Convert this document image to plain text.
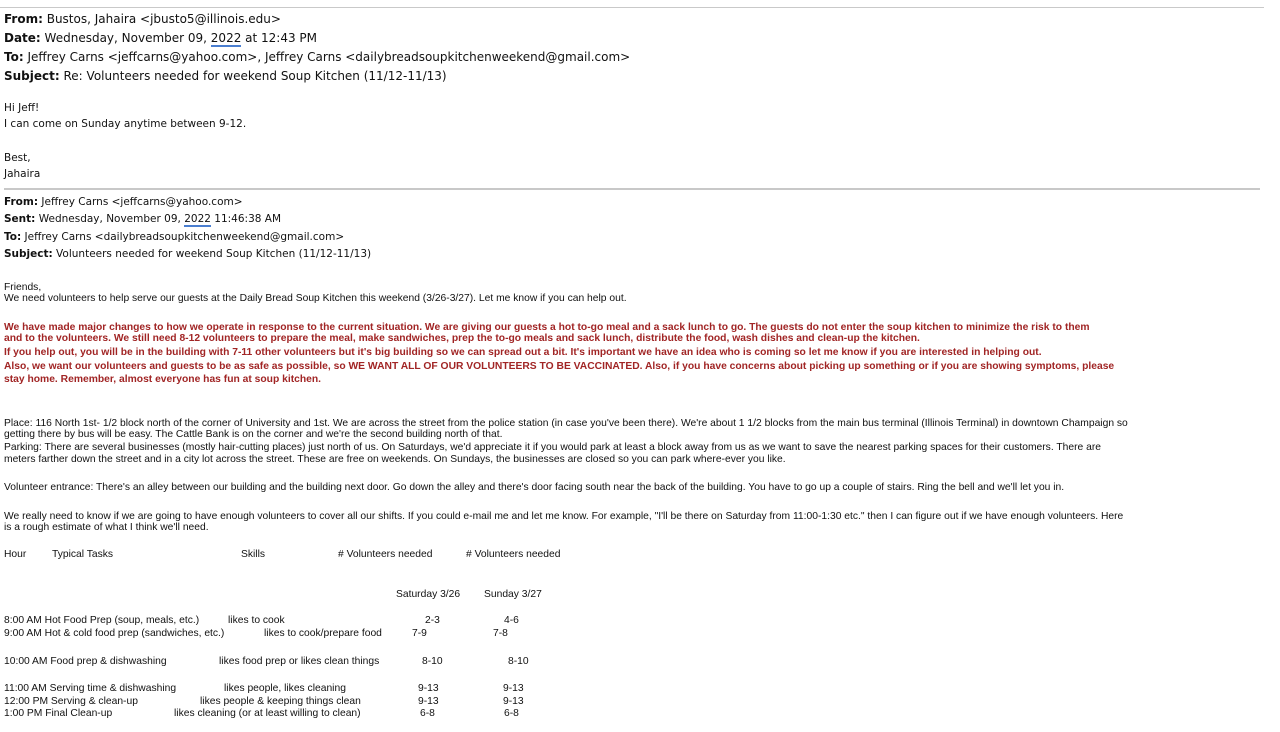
From: Bustos, Jahaira <jbusto5@illinois.edu>
Date: Wednesday, November 09, 2022 at 12:43 PM
To: Jeffrey Carns <jeffcarns@yahoo.com>, Jeffrey Carns <dailybreadsoupkitchenweekend@gmail.com>
Subject: Re: Volunteers needed for weekend Soup Kitchen (11/12-11/13)
Hi Jeff!
I can come on Sunday anytime between 9-12.
Best,
Jahaira
From: Jeffrey Carns <jeffcarns@yahoo.com>
Sent: Wednesday, November 09, 2022 11:46:38 AM
To: Jeffrey Carns <dailybreadsoupkitchenweekend@gmail.com>
Subject: Volunteers needed for weekend Soup Kitchen (11/12-11/13)
Friends,
We need volunteers to help serve our guests at the Daily Bread Soup Kitchen this weekend (3/26-3/27). Let me know if you can help out.
We have made major changes to how we operate in response to the current situation. We are giving our guests a hot to-go meal and a sack lunch to go. The guests do not enter the soup kitchen to minimize the risk to them
and to the volunteers. We still need 8-12 volunteers to prepare the meal, make sandwiches, prep the to-go meals and sack lunch, distribute the food, wash dishes and clean-up the kitchen.
If you help out, you will be in the building with 7-11 other volunteers but it's big building so we can spread out a bit. It's important we have an idea who is coming so let me know if you are interested in helping out.
Also, we want our volunteers and guests to be as safe as possible, so WE WANT ALL OF OUR VOLUNTEERS TO BE VACCINATED. Also, if you have concerns about picking up something or if you are showing symptoms, please
stay home. Remember, almost everyone has fun at soup kitchen.
Place: 116 North 1st- 1/2 block north of the corner of University and 1st. We are across the street from the police station (in case you've been there). We're about 1 1/2 blocks from the main bus terminal (Illinois Terminal) in downtown Champaign so
getting there by bus will be easy. The Cattle Bank is on the corner and we're the second building north of that.
Parking: There are several businesses (mostly hair-cutting places) just north of us. On Saturdays, we'd appreciate it if you would park at least a block away from us as we want to save the nearest parking spaces for their customers. There are
meters farther down the street and in a city lot across the street. These are free on weekends. On Sundays, the businesses are closed so you can park where-ever you like.
Volunteer entrance: There's an alley between our building and the building next door. Go down the alley and there's door facing south near the back of the building. You have to go up a couple of stairs. Ring the bell and we'll let you in.
We really need to know if we are going to have enough volunteers to cover all our shifts. If you could e-mail me and let me know. For example, "I'll be there on Saturday from 11:00-1:30 etc." then I can figure out if we have enough volunteers. Here
is a rough estimate of what I think we'll need.
Hour Typical Tasks	Skills	# Volunteers needed	# Volunteers needed
Saturday 3/26 Sunday 3/27
8:00 AM Hot Food Prep (soup, meals, etc.)	likes to cook	2-3	4-6
9:00 AM Hot & cold food prep (sandwiches, etc.)	likes to cook/prepare food	7-9	7-8
10:00 AM Food prep & dishwashing	likes food prep or likes clean things	8-10	8-10
11:00 AM Serving time & dishwashing	likes people, likes cleaning	9-13	9-13
12:00 PM Serving & clean-up	likes people & keeping things clean	9-13	9-13
1:00 PM Final Clean-up	likes cleaning (or at least willing to clean)	6-8	6-8
